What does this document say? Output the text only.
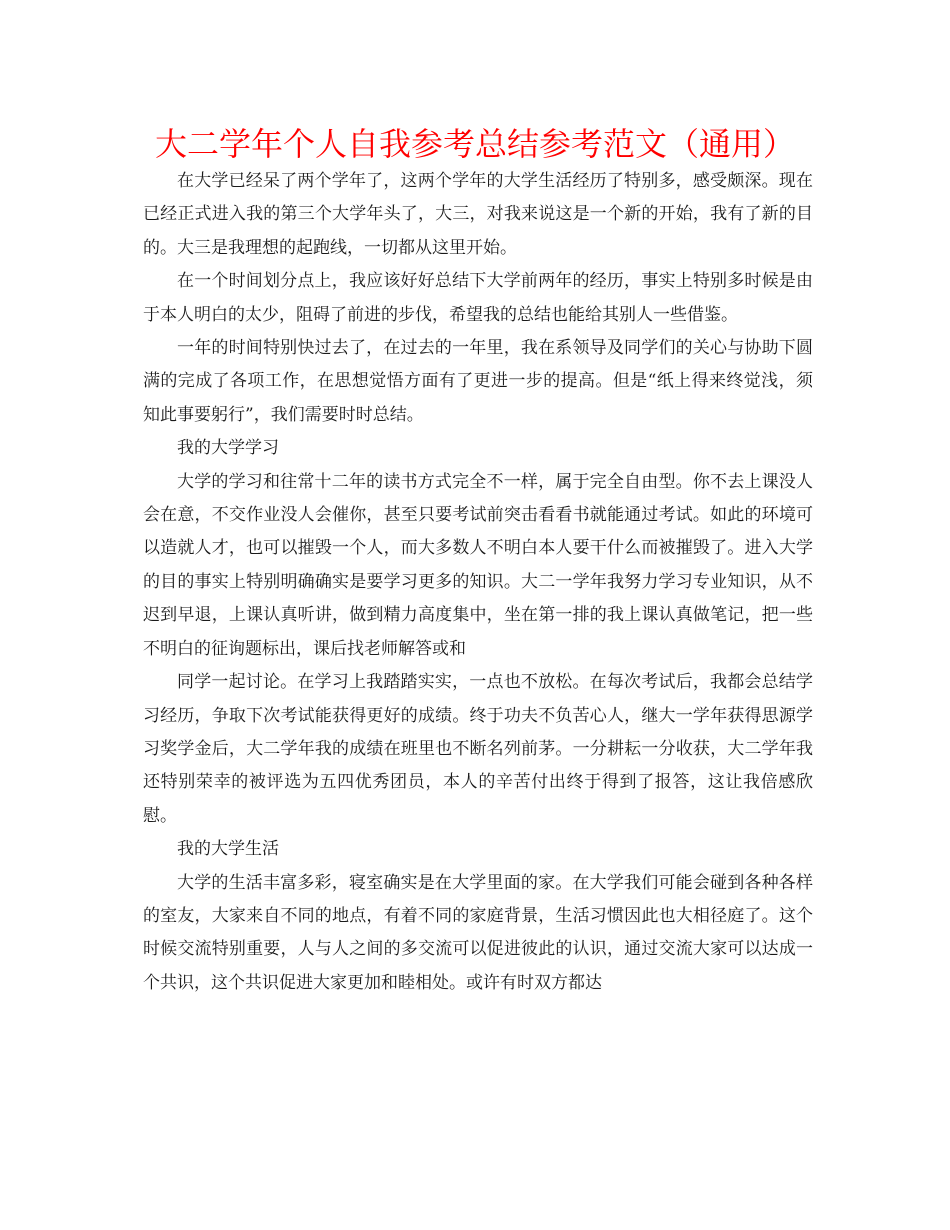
大二学年个人自我参考总结参考范文（通用）

在大学已经呆了两个学年了，这两个学年的大学生活经历了特别多，感受颇深。现在已经正式进入我的第三个大学年头了，大三，对我来说这是一个新的开始，我有了新的目的。大三是我理想的起跑线，一切都从这里开始。

在一个时间划分点上，我应该好好总结下大学前两年的经历，事实上特别多时候是由于本人明白的太少，阻碍了前进的步伐，希望我的总结也能给其别人一些借鉴。

一年的时间特别快过去了，在过去的一年里，我在系领导及同学们的关心与协助下圆满的完成了各项工作，在思想觉悟方面有了更进一步的提高。但是“纸上得来终觉浅，须知此事要躬行”，我们需要时时总结。

我的大学学习

大学的学习和往常十二年的读书方式完全不一样，属于完全自由型。你不去上课没人会在意，不交作业没人会催你，甚至只要考试前突击看看书就能通过考试。如此的环境可以造就人才，也可以摧毁一个人，而大多数人不明白本人要干什么而被摧毁了。进入大学的目的事实上特别明确确实是要学习更多的知识。大二一学年我努力学习专业知识，从不迟到早退，上课认真听讲，做到精力高度集中，坐在第一排的我上课认真做笔记，把一些不明白的征询题标出，课后找老师解答或和

同学一起讨论。在学习上我踏踏实实，一点也不放松。在每次考试后，我都会总结学习经历，争取下次考试能获得更好的成绩。终于功夫不负苦心人，继大一学年获得思源学习奖学金后，大二学年我的成绩在班里也不断名列前茅。一分耕耘一分收获，大二学年我还特别荣幸的被评选为五四优秀团员，本人的辛苦付出终于得到了报答，这让我倍感欣慰。

我的大学生活

大学的生活丰富多彩，寝室确实是在大学里面的家。在大学我们可能会碰到各种各样的室友，大家来自不同的地点，有着不同的家庭背景，生活习惯因此也大相径庭了。这个时候交流特别重要，人与人之间的多交流可以促进彼此的认识，通过交流大家可以达成一个共识，这个共识促进大家更加和睦相处。或许有时双方都达
